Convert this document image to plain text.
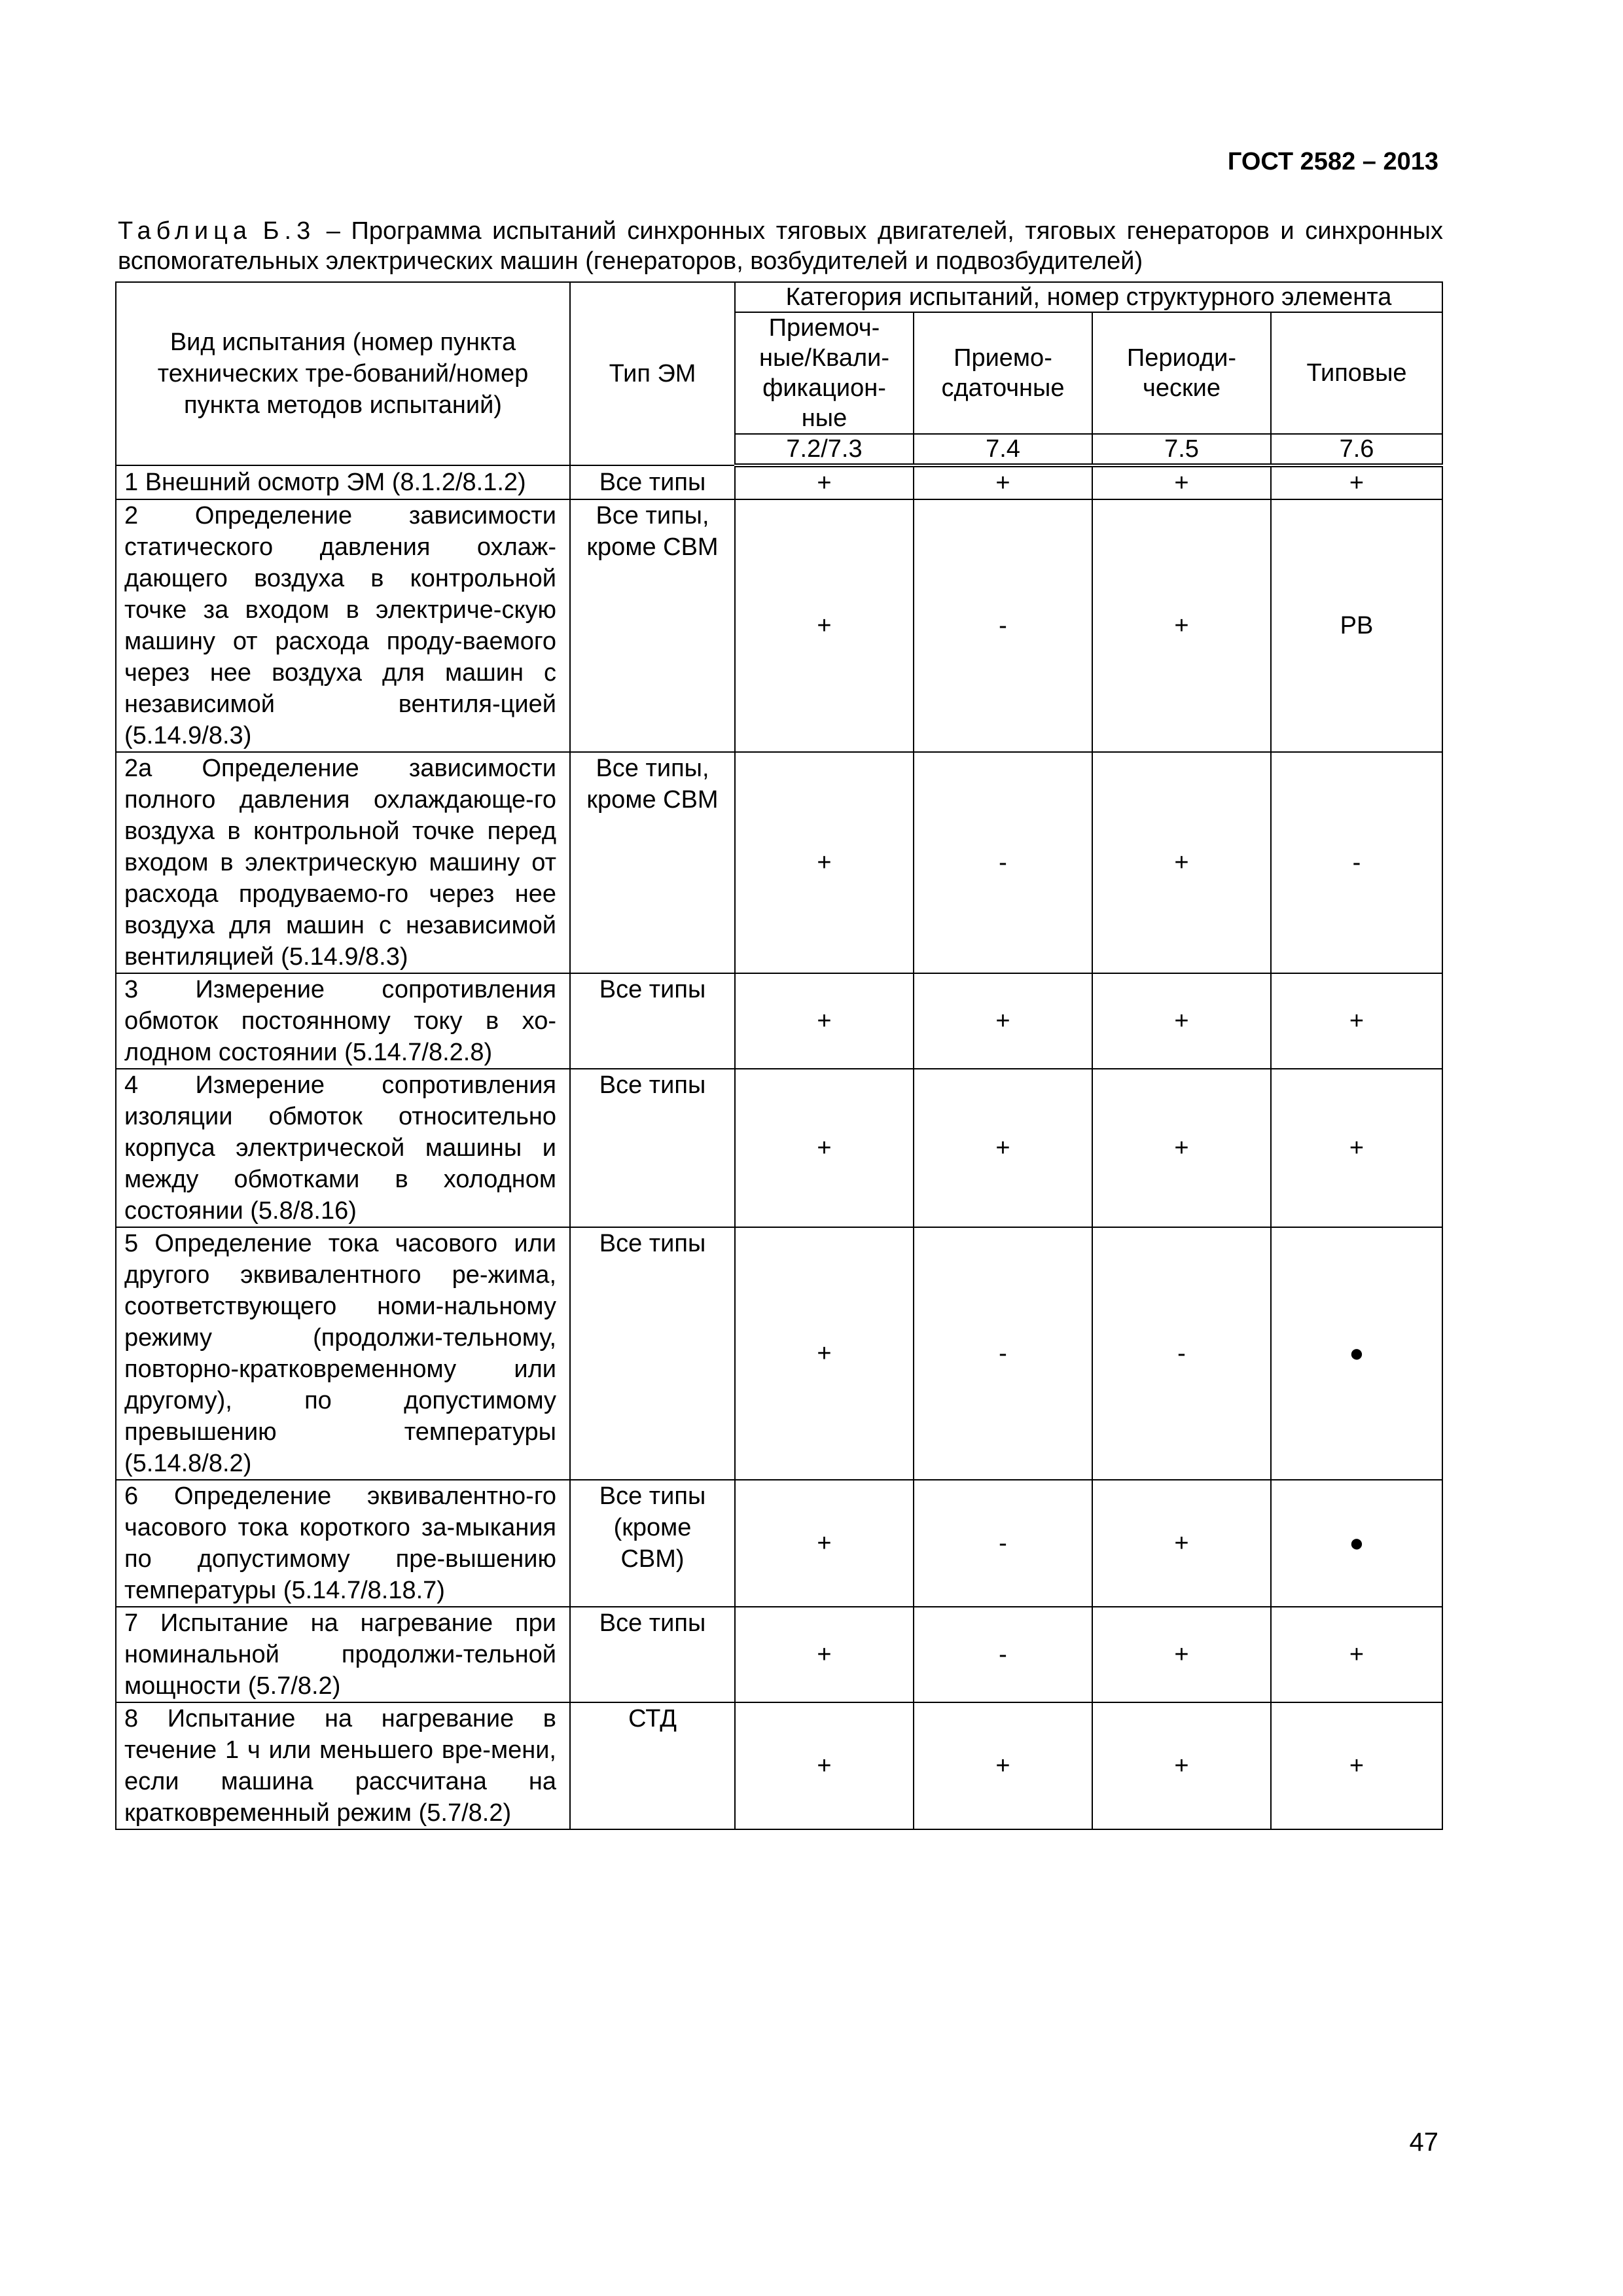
ГОСТ 2582 – 2013
Таблица Б.3 – Программа испытаний синхронных тяговых двигателей, тяговых генераторов и синхронных вспомогательных электрических машин (генераторов, возбудителей и подвозбудителей)
Вид испытания (номер пункта технических тре-бований/номер пункта методов испытаний)	Тип ЭМ	Категория испытаний, номер структурного элемента			
		Приемоч-ные/Квали-фикацион-ные	Приемо-сдаточные	Периоди-ческие	Типовые
		7.2/7.3	7.4	7.5	7.6
1 Внешний осмотр ЭМ (8.1.2/8.1.2)	Все типы	+	+	+	+
2 Определение зависимости статического давления охлаж-дающего воздуха в контрольной точке за входом в электриче-скую машину от расхода проду-ваемого через нее воздуха для машин с независимой вентиля-цией (5.14.9/8.3)	Все типы, кроме СВМ	+	-	+	РВ
2а Определение зависимости полного давления охлаждающе-го воздуха в контрольной точке перед входом в электрическую машину от расхода продуваемо-го через нее воздуха для машин с независимой вентиляцией (5.14.9/8.3)	Все типы, кроме СВМ	+	-	+	-
3 Измерение сопротивления обмоток постоянному току в хо-лодном состоянии (5.14.7/8.2.8)	Все типы	+	+	+	+
4 Измерение сопротивления изоляции обмоток относительно корпуса электрической машины и между обмотками в холодном состоянии (5.8/8.16)	Все типы	+	+	+	+
5 Определение тока часового или другого эквивалентного ре-жима, соответствующего номи-нальному режиму (продолжи-тельному, повторно-кратковременному или другому), по допустимому превышению температуры (5.14.8/8.2)	Все типы	+	-	-	●
6 Определение эквивалентно-го часового тока короткого за-мыкания по допустимому пре-вышению температуры (5.14.7/8.18.7)	Все типы (кроме СВМ)	+	-	+	●
7 Испытание на нагревание при номинальной продолжи-тельной мощности (5.7/8.2)	Все типы	+	-	+	+
8 Испытание на нагревание в течение 1 ч или меньшего вре-мени, если машина рассчитана на кратковременный режим (5.7/8.2)	СТД	+	+	+	+
47
